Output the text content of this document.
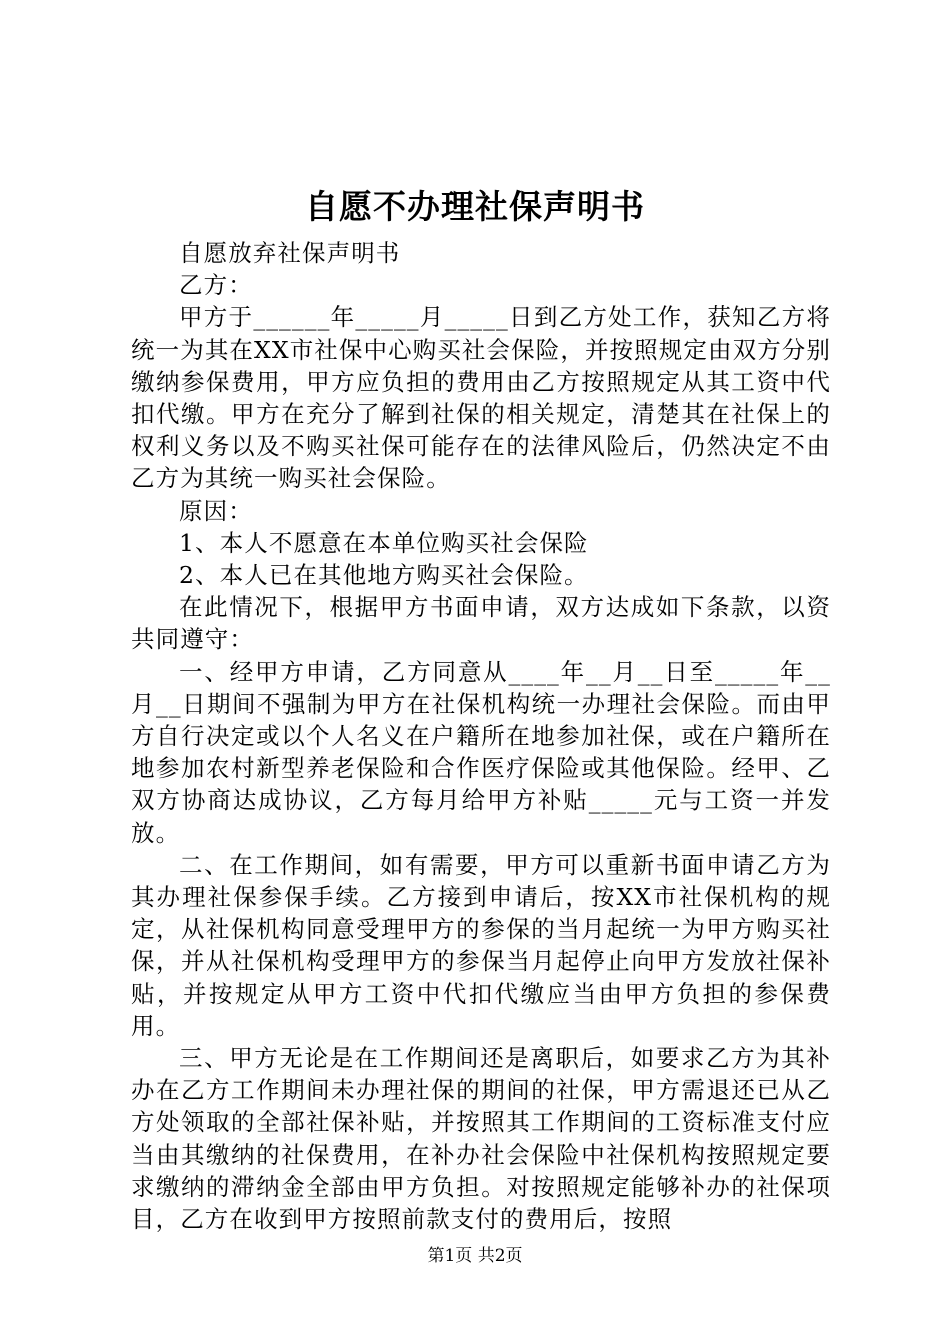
自愿不办理社保声明书

自愿放弃社保声明书

乙方：

甲方于______年_____月_____日到乙方处工作，获知乙方将统一为其在XX市社保中心购买社会保险，并按照规定由双方分别缴纳参保费用，甲方应负担的费用由乙方按照规定从其工资中代扣代缴。甲方在充分了解到社保的相关规定，清楚其在社保上的权利义务以及不购买社保可能存在的法律风险后，仍然决定不由乙方为其统一购买社会保险。

原因：

1、本人不愿意在本单位购买社会保险

2、本人已在其他地方购买社会保险。

在此情况下，根据甲方书面申请，双方达成如下条款，以资共同遵守：

一、经甲方申请，乙方同意从____年__月__日至_____年__月__日期间不强制为甲方在社保机构统一办理社会保险。而由甲方自行决定或以个人名义在户籍所在地参加社保，或在户籍所在地参加农村新型养老保险和合作医疗保险或其他保险。经甲、乙双方协商达成协议，乙方每月给甲方补贴_____元与工资一并发放。

二、在工作期间，如有需要，甲方可以重新书面申请乙方为其办理社保参保手续。乙方接到申请后，按XX市社保机构的规定，从社保机构同意受理甲方的参保的当月起统一为甲方购买社保，并从社保机构受理甲方的参保当月起停止向甲方发放社保补贴，并按规定从甲方工资中代扣代缴应当由甲方负担的参保费用。

三、甲方无论是在工作期间还是离职后，如要求乙方为其补办在乙方工作期间未办理社保的期间的社保，甲方需退还已从乙方处领取的全部社保补贴，并按照其工作期间的工资标准支付应当由其缴纳的社保费用，在补办社会保险中社保机构按照规定要求缴纳的滞纳金全部由甲方负担。对按照规定能够补办的社保项目，乙方在收到甲方按照前款支付的费用后，按照

第1页 共2页
